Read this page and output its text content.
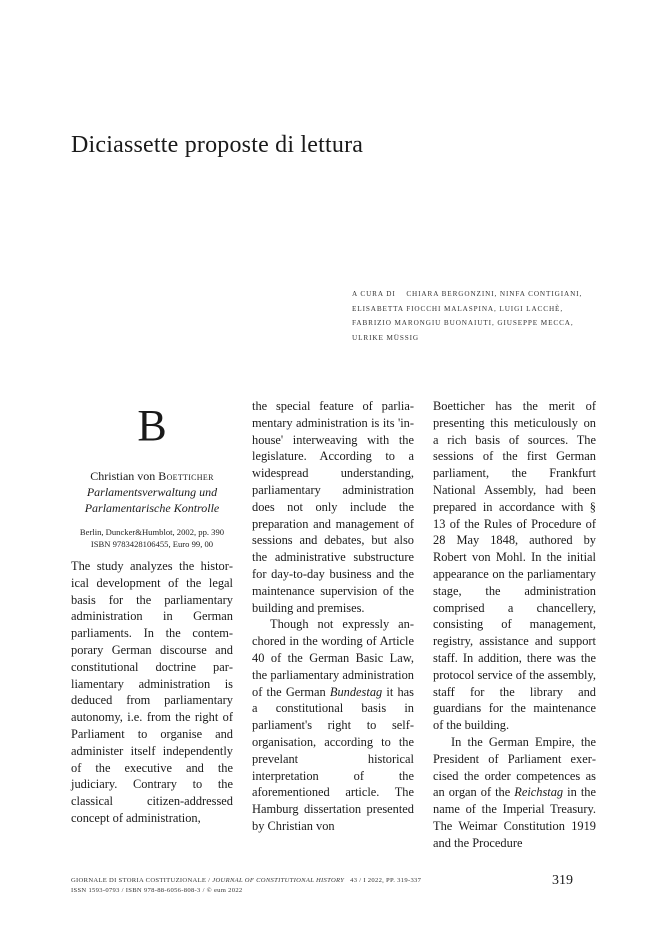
Diciassette proposte di lettura
A CURA DI CHIARA BERGONZINI, NINFA CONTIGIANI, ELISABETTA FIOCCHI MALASPINA, LUIGI LACCHÈ, FABRIZIO MARONGIU BUONAIUTI, GIUSEPPE MECCA, ULRIKE MÜSSIG
B
Christian von Boetticher
Parlamentsverwaltung und
Parlamentarische Kontrolle
Berlin, Duncker&Humblot, 2002, pp. 390
ISBN 9783428106455, Euro 99, 00

The study analyzes the historical development of the legal basis for the parliamentary administration in German parliaments. In the contemporary German discourse and constitutional doctrine parliamentary administration is deduced from parliamentary autonomy, i.e. from the right of Parliament to organise and administer itself independently of the executive and the judiciary. Contrary to the classical citizen-addressed concept of administration,

the special feature of parliamentary administration is its 'in-house' interweaving with the legislature. According to a widespread understanding, parliamentary administration does not only include the preparation and management of sessions and debates, but also the administrative substructure for day-to-day business and the maintenance supervision of the building and premises.

Though not expressly anchored in the wording of Article 40 of the German Basic Law, the parliamentary administration of the German Bundestag it has a constitutional basis in parliament's right to self-organisation, according to the prevelant historical interpretation of the aforementioned article. The Hamburg dissertation presented by Christian von

Boetticher has the merit of presenting this meticulously on a rich basis of sources. The sessions of the first German parliament, the Frankfurt National Assembly, had been prepared in accordance with § 13 of the Rules of Procedure of 28 May 1848, authored by Robert von Mohl. In the initial appearance on the parliamentary stage, the administration comprised a chancellery, consisting of management, registry, assistance and support staff. In addition, there was the protocol service of the assembly, staff for the library and guardians for the maintenance of the building.

In the German Empire, the President of Parliament exercised the order competences as an organ of the Reichstag in the name of the Imperial Treasury. The Weimar Constitution 1919 and the Procedure

GIORNALE DI STORIA COSTITUZIONALE / JOURNAL OF CONSTITUTIONAL HISTORY 43 / I 2022, PP. 319-337
ISSN 1593-0793 / ISBN 978-88-6056-808-3 / © eum 2022
319
